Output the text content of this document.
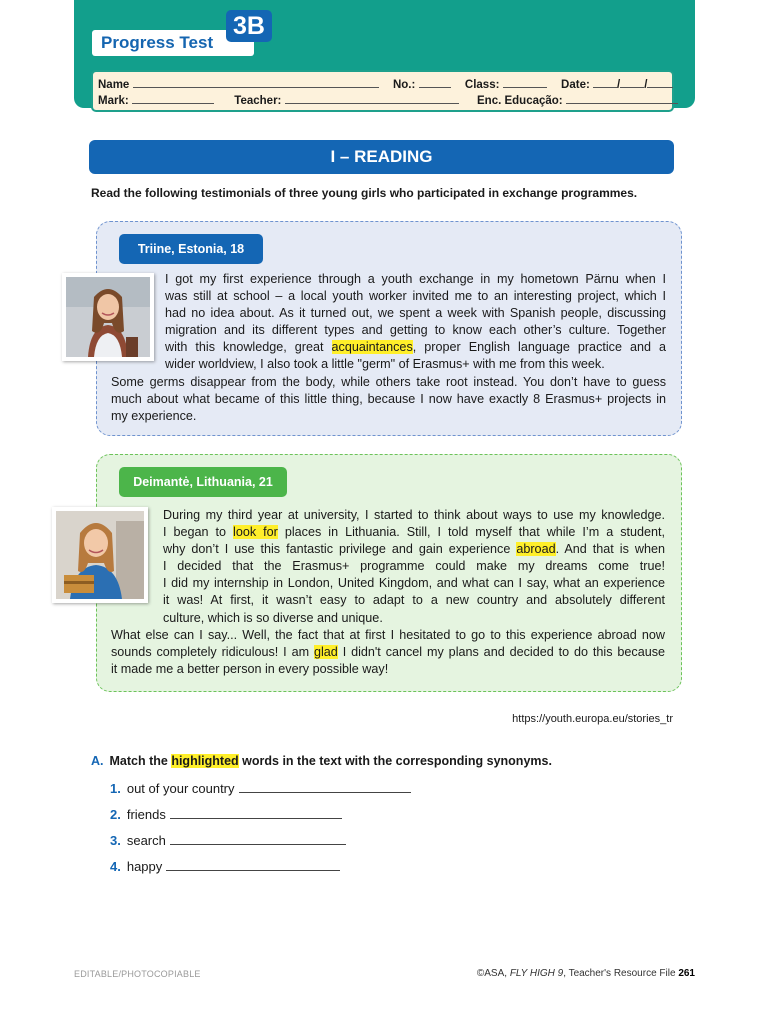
Progress Test
3B
Name	No.:	Class:	Date: / /
Mark:	Teacher:	Enc. Educação:
I – READING
Read the following testimonials of three young girls who participated in exchange programmes.
Triine, Estonia, 18
I got my first experience through a youth exchange in my hometown Pärnu when I
was still at school – a local youth worker invited me to an interesting project, which I
had no idea about. As it turned out, we spent a week with Spanish people, discussing
migration and its different types and getting to know each other’s culture. Together
with this knowledge, great acquaintances, proper English language practice and a
wider worldview, I also took a little "germ" of Erasmus+ with me from this week.
Some germs disappear from the body, while others take root instead. You don’t have to guess
much about what became of this little thing, because I now have exactly 8 Erasmus+ projects in
my experience.
Deimantė, Lithuania, 21
During my third year at university, I started to think about ways to use my knowledge.
I began to look for places in Lithuania. Still, I told myself that while I’m a student,
why don’t I use this fantastic privilege and gain experience abroad. And that is when
I decided that the Erasmus+ programme could make my dreams come true!
I did my internship in London, United Kingdom, and what can I say, what an experience
it was! At first, it wasn’t easy to adapt to a new country and absolutely different
culture, which is so diverse and unique.
What else can I say... Well, the fact that at first I hesitated to go to this experience abroad now
sounds completely ridiculous! I am glad I didn't cancel my plans and decided to do this because
it made me a better person in every possible way!
https://youth.europa.eu/stories_tr
A. Match the highlighted words in the text with the corresponding synonyms.
1. out of your country
2. friends
3. search
4. happy
EDITABLE/PHOTOCOPIABLE	©ASA, FLY HIGH 9, Teacher's Resource File 261
